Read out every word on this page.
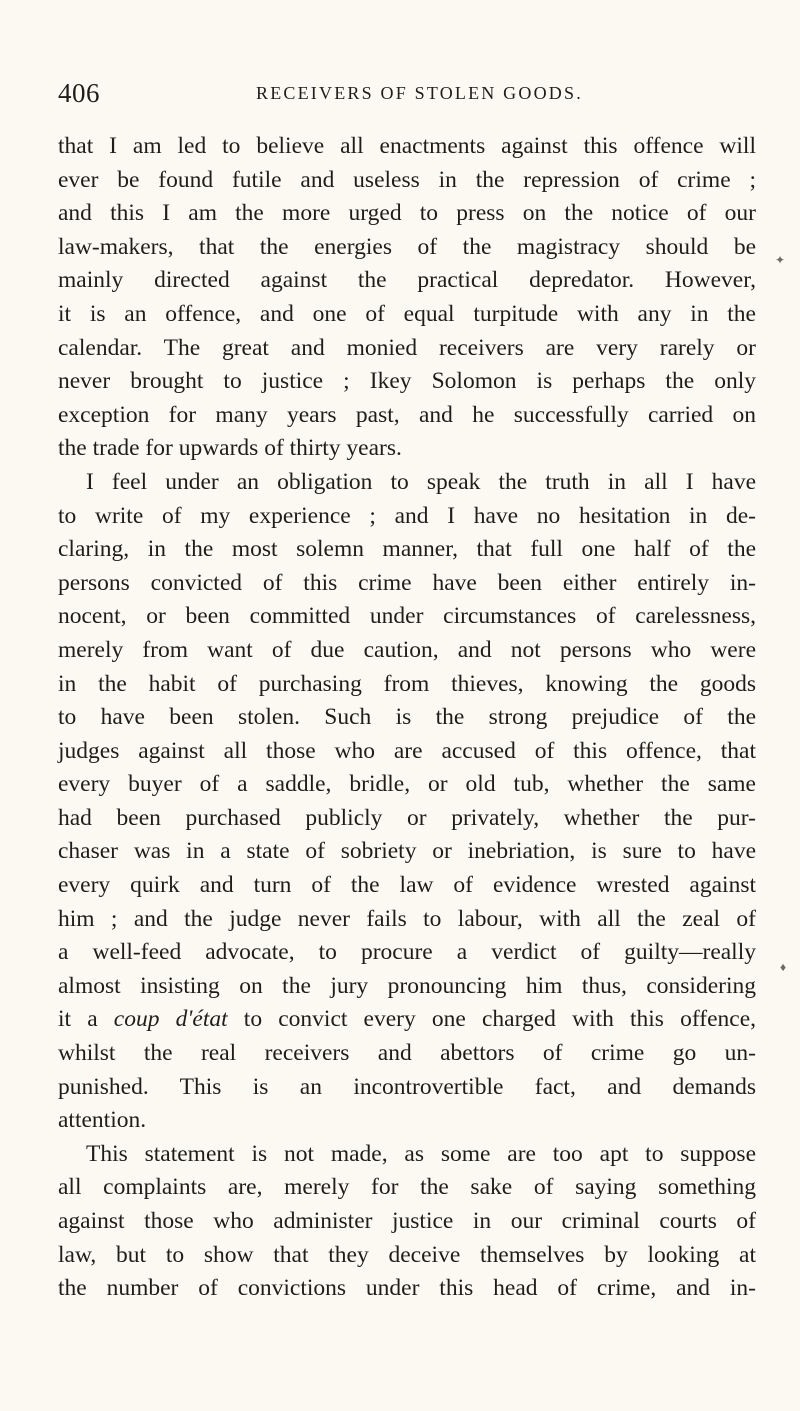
406	RECEIVERS OF STOLEN GOODS.
that I am led to believe all enactments against this offence will
ever be found futile and useless in the repression of crime ;
and this I am the more urged to press on the notice of our
law-makers, that the energies of the magistracy should be
mainly directed against the practical depredator. However,
it is an offence, and one of equal turpitude with any in the
calendar. The great and monied receivers are very rarely or
never brought to justice ; Ikey Solomon is perhaps the only
exception for many years past, and he successfully carried on
the trade for upwards of thirty years.
I feel under an obligation to speak the truth in all I have
to write of my experience ; and I have no hesitation in de-
claring, in the most solemn manner, that full one half of the
persons convicted of this crime have been either entirely in-
nocent, or been committed under circumstances of carelessness,
merely from want of due caution, and not persons who were
in the habit of purchasing from thieves, knowing the goods
to have been stolen. Such is the strong prejudice of the
judges against all those who are accused of this offence, that
every buyer of a saddle, bridle, or old tub, whether the same
had been purchased publicly or privately, whether the pur-
chaser was in a state of sobriety or inebriation, is sure to have
every quirk and turn of the law of evidence wrested against
him ; and the judge never fails to labour, with all the zeal of
a well-feed advocate, to procure a verdict of guilty—really
almost insisting on the jury pronouncing him thus, considering
it a coup d'état to convict every one charged with this offence,
whilst the real receivers and abettors of crime go un-
punished. This is an incontrovertible fact, and demands
attention.
This statement is not made, as some are too apt to suppose
all complaints are, merely for the sake of saying something
against those who administer justice in our criminal courts of
law, but to show that they deceive themselves by looking at
the number of convictions under this head of crime, and in-
✦
♦
